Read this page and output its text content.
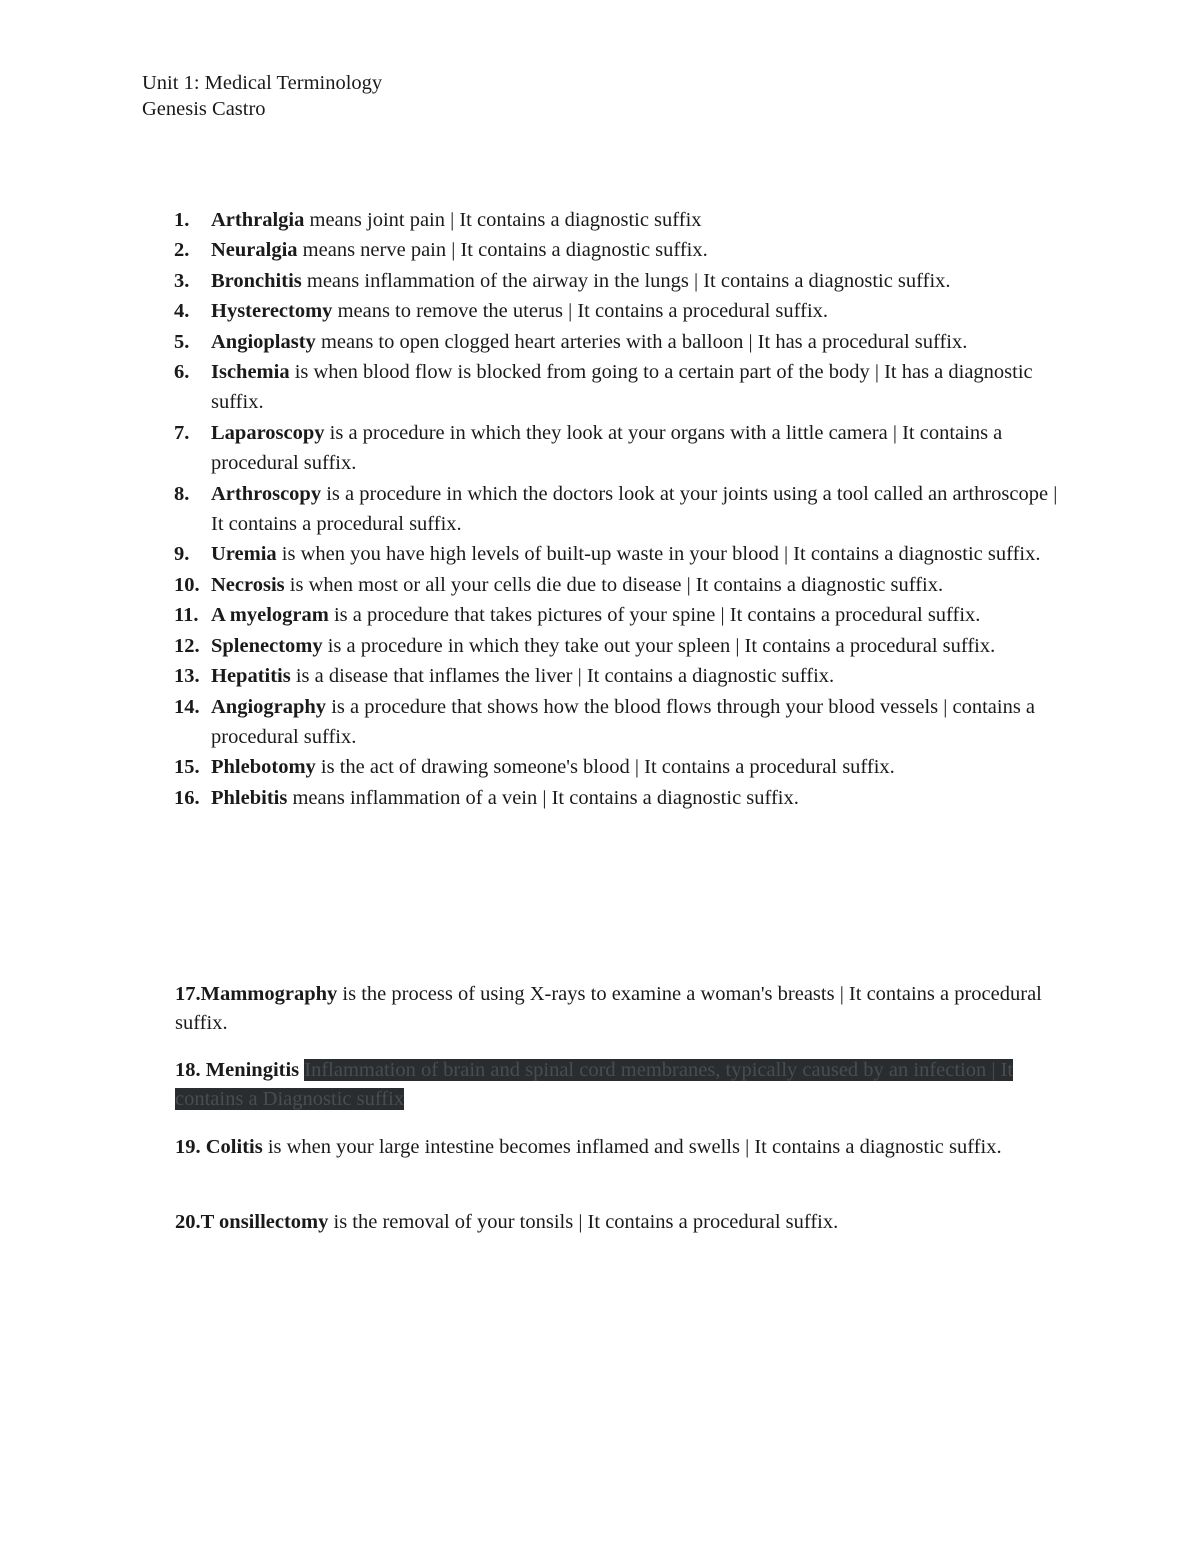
Unit 1: Medical Terminology
Genesis Castro
1. Arthralgia means joint pain | It contains a diagnostic suffix
2. Neuralgia means nerve pain | It contains a diagnostic suffix.
3. Bronchitis means inflammation of the airway in the lungs | It contains a diagnostic suffix.
4. Hysterectomy means to remove the uterus | It contains a procedural suffix.
5. Angioplasty means to open clogged heart arteries with a balloon | It has a procedural suffix.
6. Ischemia is when blood flow is blocked from going to a certain part of the body | It has a diagnostic suffix.
7. Laparoscopy is a procedure in which they look at your organs with a little camera | It contains a procedural suffix.
8. Arthroscopy is a procedure in which the doctors look at your joints using a tool called an arthroscope | It contains a procedural suffix.
9. Uremia is when you have high levels of built-up waste in your blood | It contains a diagnostic suffix.
10. Necrosis is when most or all your cells die due to disease | It contains a diagnostic suffix.
11. A myelogram is a procedure that takes pictures of your spine | It contains a procedural suffix.
12. Splenectomy is a procedure in which they take out your spleen | It contains a procedural suffix.
13. Hepatitis is a disease that inflames the liver | It contains a diagnostic suffix.
14. Angiography is a procedure that shows how the blood flows through your blood vessels | contains a procedural suffix.
15. Phlebotomy is the act of drawing someone's blood | It contains a procedural suffix.
16. Phlebitis means inflammation of a vein | It contains a diagnostic suffix.
17.Mammography is the process of using X-rays to examine a woman's breasts | It contains a procedural suffix.
18. Meningitis Inflammation of brain and spinal cord membranes, typically caused by an infection | It contains a Diagnostic suffix
19. Colitis is when your large intestine becomes inflamed and swells | It contains a diagnostic suffix.
20.T onsillectomy is the removal of your tonsils | It contains a procedural suffix.
